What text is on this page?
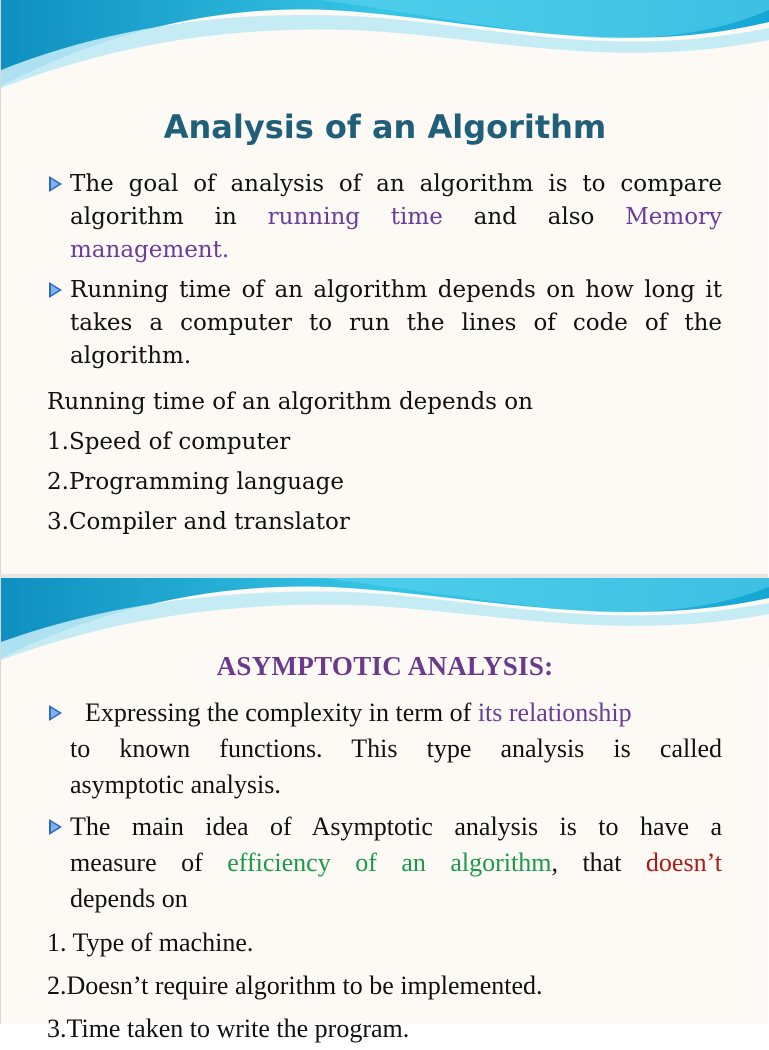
Analysis of an Algorithm
The goal of analysis of an algorithm is to compare
algorithm in running time and also Memory
management.
Running time of an algorithm depends on how long it
takes a computer to run the lines of code of the
algorithm.
Running time of an algorithm depends on
1.Speed of computer
2.Programming language
3.Compiler and translator
ASYMPTOTIC ANALYSIS:
Expressing the complexity in term of its relationship
to known functions. This type analysis is called
asymptotic analysis.
The main idea of Asymptotic analysis is to have a
measure of efficiency of an algorithm, that doesn’t
depends on
1. Type of machine.
2.Doesn’t require algorithm to be implemented.
3.Time taken to write the program.
